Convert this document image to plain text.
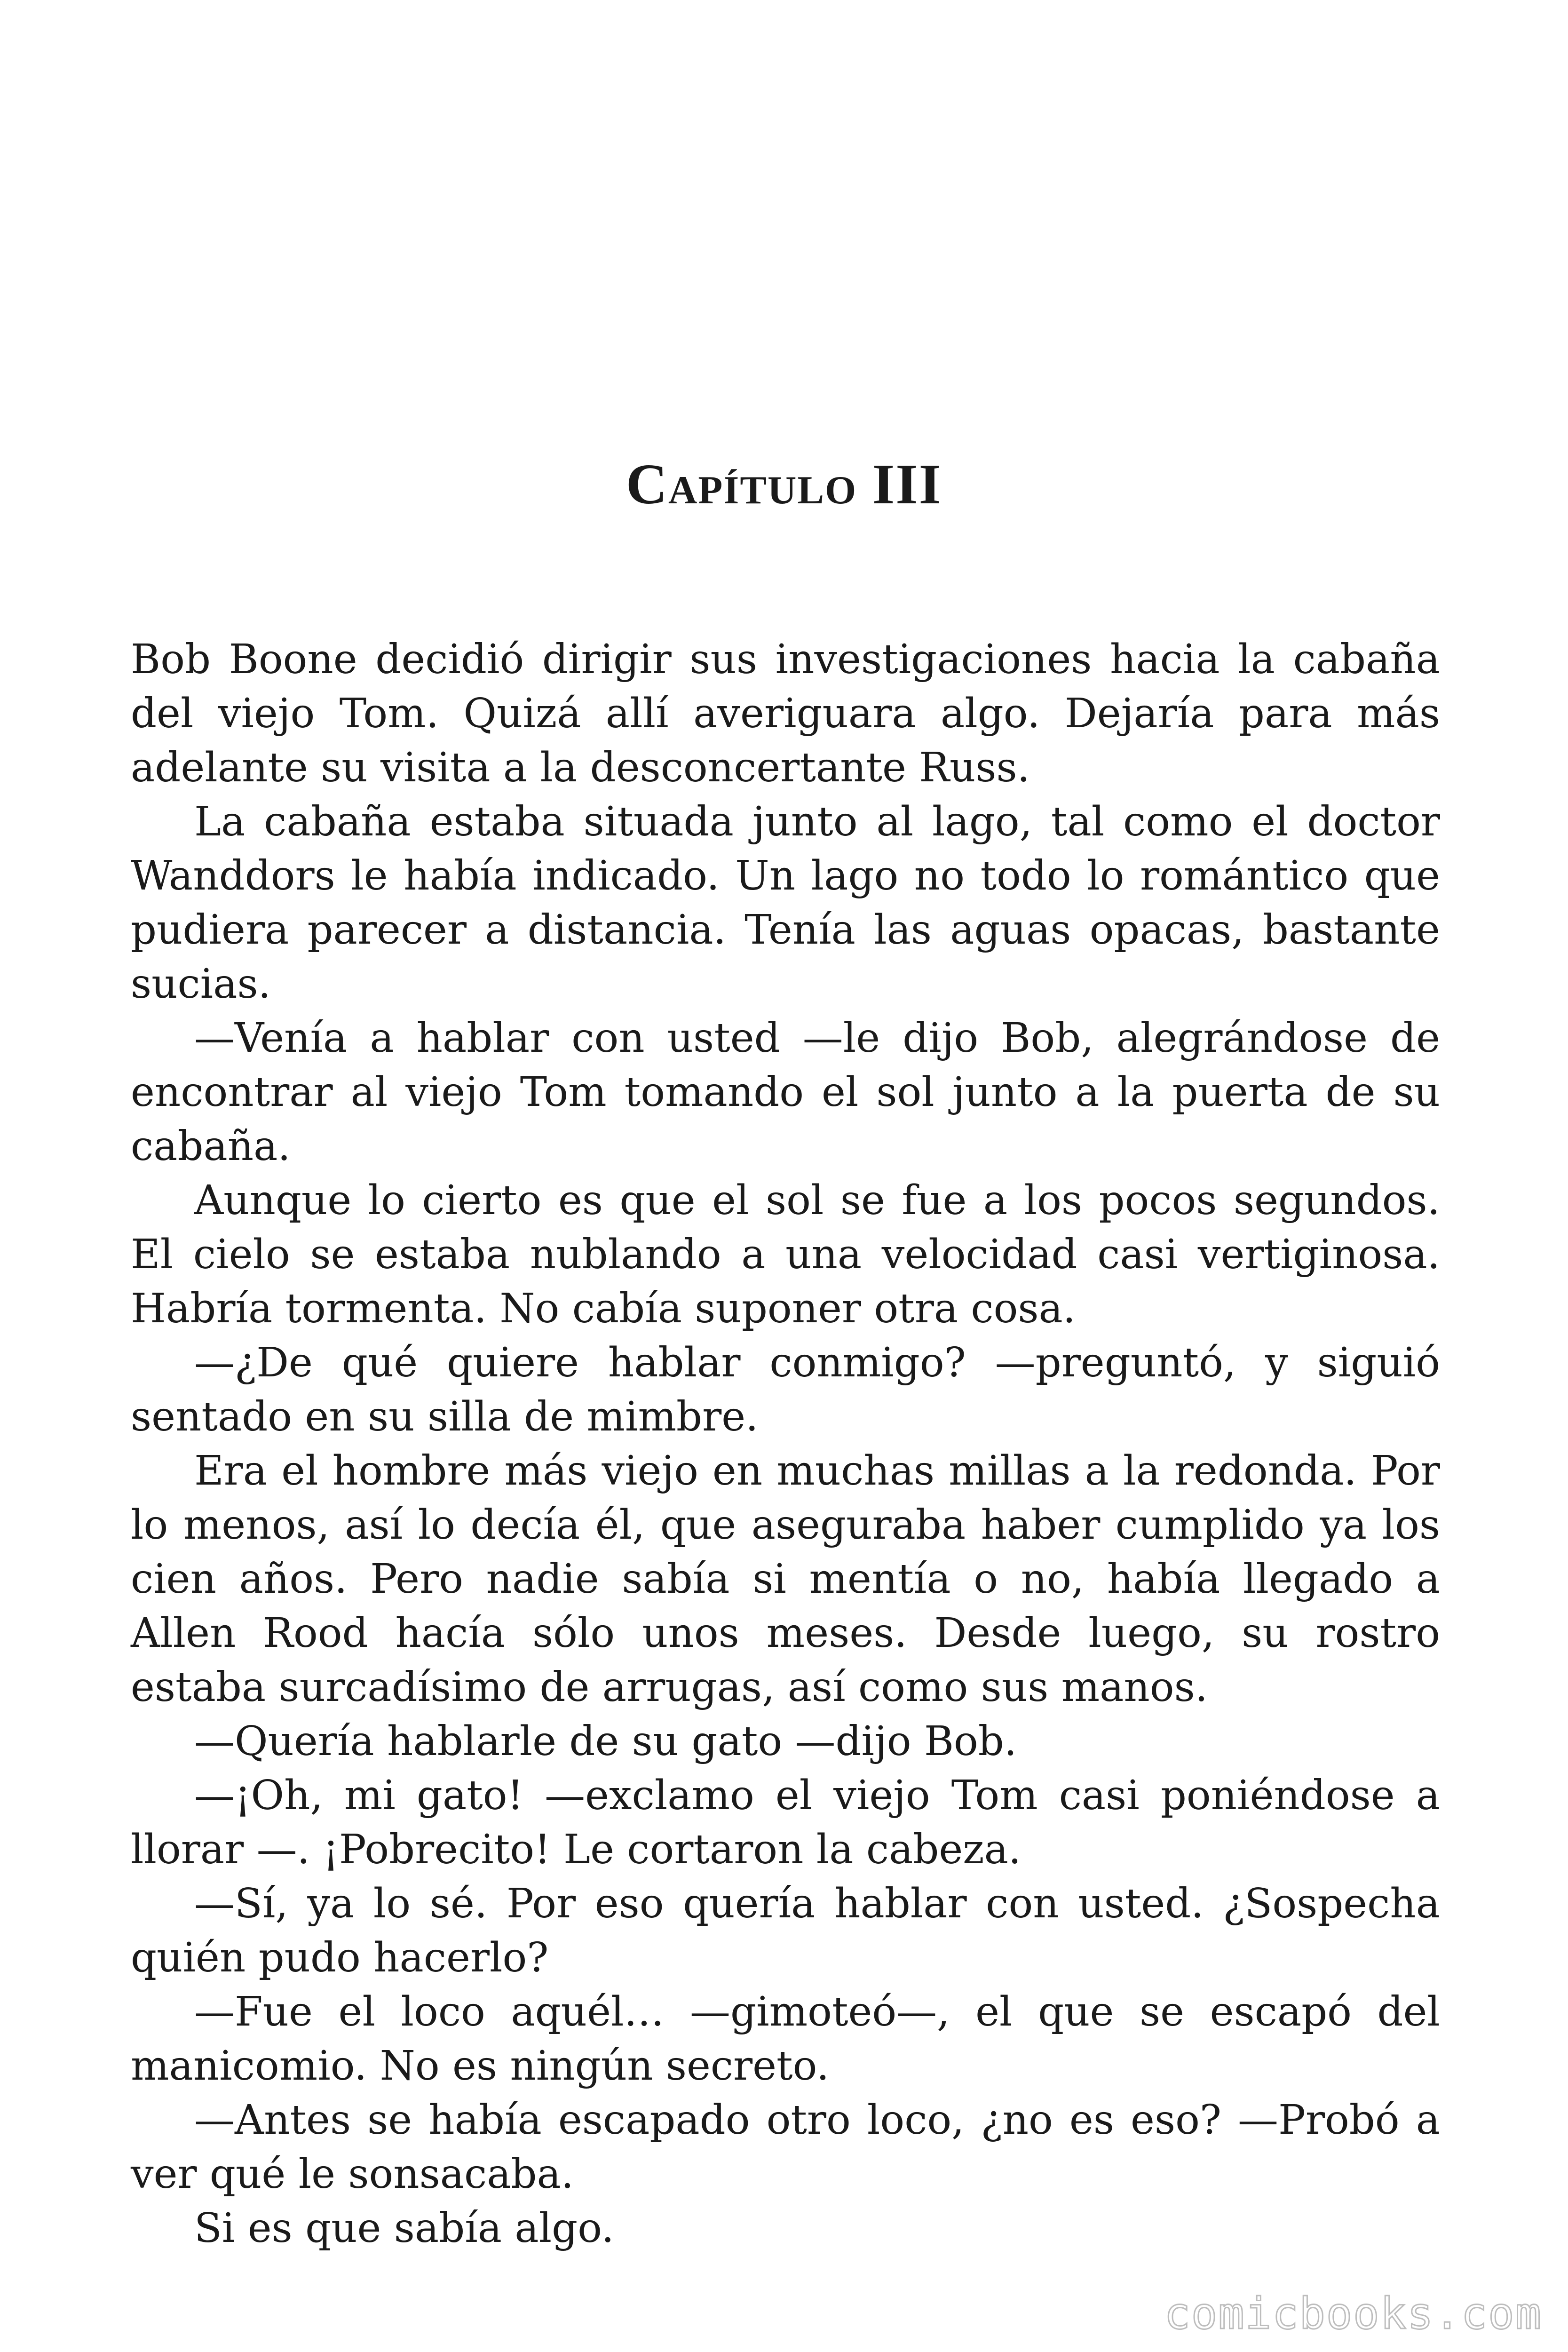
Capítulo III

Bob Boone decidió dirigir sus investigaciones hacia la cabaña del viejo Tom. Quizá allí averiguara algo. Dejaría para más adelante su visita a la desconcertante Russ.

La cabaña estaba situada junto al lago, tal como el doctor Wanddors le había indicado. Un lago no todo lo romántico que pudiera parecer a distancia. Tenía las aguas opacas, bastante sucias.

—Venía a hablar con usted —le dijo Bob, alegrándose de encontrar al viejo Tom tomando el sol junto a la puerta de su cabaña.

Aunque lo cierto es que el sol se fue a los pocos segundos. El cielo se estaba nublando a una velocidad casi vertiginosa. Habría tormenta. No cabía suponer otra cosa.

—¿De qué quiere hablar conmigo? —preguntó, y siguió sentado en su silla de mimbre.

Era el hombre más viejo en muchas millas a la redonda. Por lo menos, así lo decía él, que aseguraba haber cumplido ya los cien años. Pero nadie sabía si mentía o no, había llegado a Allen Rood hacía sólo unos meses. Desde luego, su rostro estaba surcadísimo de arrugas, así como sus manos.

—Quería hablarle de su gato —dijo Bob.

—¡Oh, mi gato! —exclamo el viejo Tom casi poniéndose a llorar —. ¡Pobrecito! Le cortaron la cabeza.

—Sí, ya lo sé. Por eso quería hablar con usted. ¿Sospecha quién pudo hacerlo?

—Fue el loco aquél… —gimoteó—, el que se escapó del manicomio. No es ningún secreto.

—Antes se había escapado otro loco, ¿no es eso? —Probó a ver qué le sonsacaba.

Si es que sabía algo.

comicbooks.com
